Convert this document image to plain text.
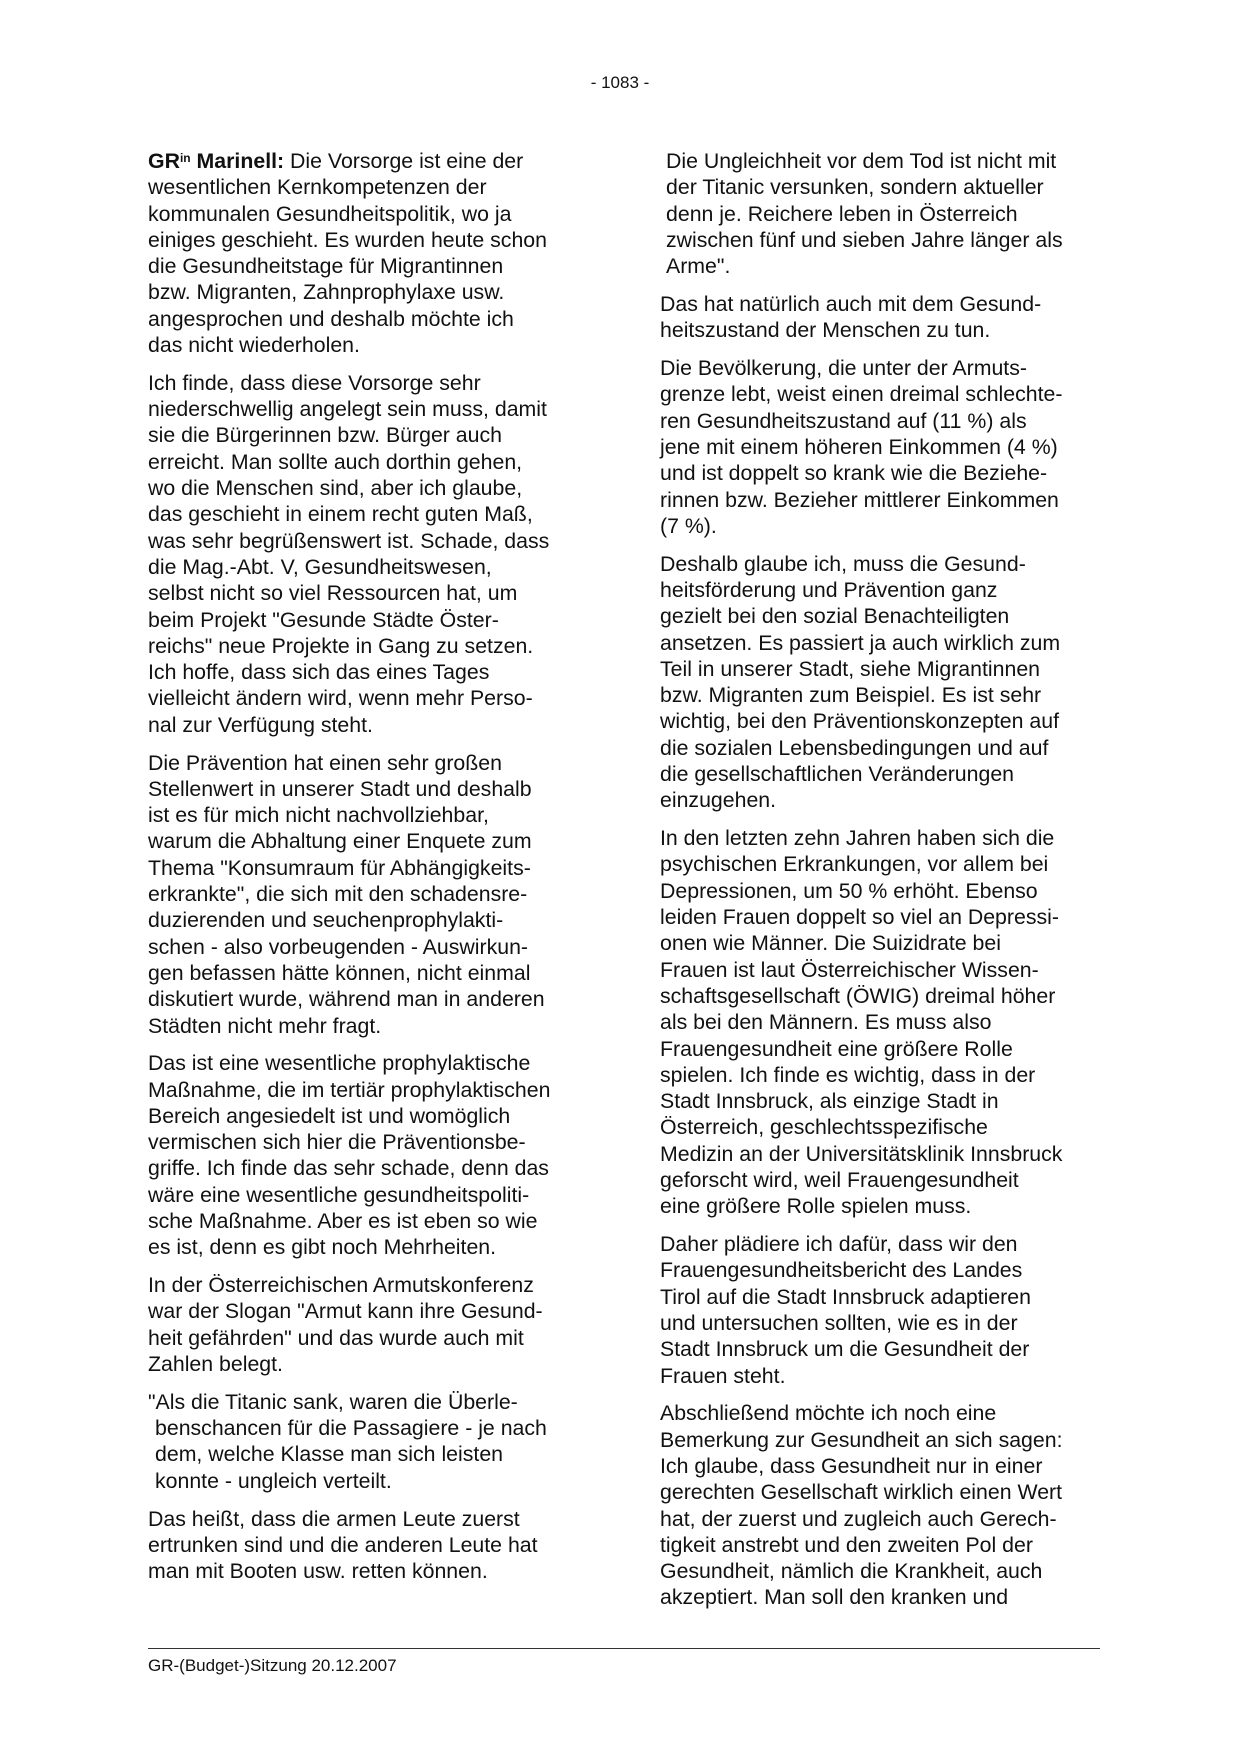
- 1083 -

$GR^{in}$ Marinell: Die Vorsorge ist eine der
wesentlichen Kernkompetenzen der
kommunalen Gesundheitspolitik, wo ja
einiges geschieht. Es wurden heute schon
die Gesundheitstage für Migrantinnen
bzw. Migranten, Zahnprophylaxe usw.
angesprochen und deshalb möchte ich
das nicht wiederholen.

Ich finde, dass diese Vorsorge sehr
niederschwellig angelegt sein muss, damit
sie die Bürgerinnen bzw. Bürger auch
erreicht. Man sollte auch dorthin gehen,
wo die Menschen sind, aber ich glaube,
das geschieht in einem recht guten Maß,
was sehr begrüßenswert ist. Schade, dass
die Mag.-Abt. V, Gesundheitswesen,
selbst nicht so viel Ressourcen hat, um
beim Projekt "Gesunde Städte Öster-
reichs" neue Projekte in Gang zu setzen.
Ich hoffe, dass sich das eines Tages
vielleicht ändern wird, wenn mehr Perso-
nal zur Verfügung steht.

Die Prävention hat einen sehr großen
Stellenwert in unserer Stadt und deshalb
ist es für mich nicht nachvollziehbar,
warum die Abhaltung einer Enquete zum
Thema "Konsumraum für Abhängigkeits-
erkrankte", die sich mit den schadensre-
duzierenden und seuchenprophylakti-
schen - also vorbeugenden - Auswirkun-
gen befassen hätte können, nicht einmal
diskutiert wurde, während man in anderen
Städten nicht mehr fragt.

Das ist eine wesentliche prophylaktische
Maßnahme, die im tertiär prophylaktischen
Bereich angesiedelt ist und womöglich
vermischen sich hier die Präventionsbe-
griffe. Ich finde das sehr schade, denn das
wäre eine wesentliche gesundheitspoliti-
sche Maßnahme. Aber es ist eben so wie
es ist, denn es gibt noch Mehrheiten.

In der Österreichischen Armutskonferenz
war der Slogan "Armut kann ihre Gesund-
heit gefährden" und das wurde auch mit
Zahlen belegt.

"Als die Titanic sank, waren die Überle-
benschancen für die Passagiere - je nach
dem, welche Klasse man sich leisten
konnte - ungleich verteilt.

Das heißt, dass die armen Leute zuerst
ertrunken sind und die anderen Leute hat
man mit Booten usw. retten können.

Die Ungleichheit vor dem Tod ist nicht mit
der Titanic versunken, sondern aktueller
denn je. Reichere leben in Österreich
zwischen fünf und sieben Jahre länger als
Arme".

Das hat natürlich auch mit dem Gesund-
heitszustand der Menschen zu tun.

Die Bevölkerung, die unter der Armuts-
grenze lebt, weist einen dreimal schlechte-
ren Gesundheitszustand auf (11 %) als
jene mit einem höheren Einkommen (4 %)
und ist doppelt so krank wie die Beziehe-
rinnen bzw. Bezieher mittlerer Einkommen
(7 %).

Deshalb glaube ich, muss die Gesund-
heitsförderung und Prävention ganz
gezielt bei den sozial Benachteiligten
ansetzen. Es passiert ja auch wirklich zum
Teil in unserer Stadt, siehe Migrantinnen
bzw. Migranten zum Beispiel. Es ist sehr
wichtig, bei den Präventionskonzepten auf
die sozialen Lebensbedingungen und auf
die gesellschaftlichen Veränderungen
einzugehen.

In den letzten zehn Jahren haben sich die
psychischen Erkrankungen, vor allem bei
Depressionen, um 50 % erhöht. Ebenso
leiden Frauen doppelt so viel an Depressi-
onen wie Männer. Die Suizidrate bei
Frauen ist laut Österreichischer Wissen-
schaftsgesellschaft (ÖWIG) dreimal höher
als bei den Männern. Es muss also
Frauengesundheit eine größere Rolle
spielen. Ich finde es wichtig, dass in der
Stadt Innsbruck, als einzige Stadt in
Österreich, geschlechtsspezifische
Medizin an der Universitätsklinik Innsbruck
geforscht wird, weil Frauengesundheit
eine größere Rolle spielen muss.

Daher plädiere ich dafür, dass wir den
Frauengesundheitsbericht des Landes
Tirol auf die Stadt Innsbruck adaptieren
und untersuchen sollten, wie es in der
Stadt Innsbruck um die Gesundheit der
Frauen steht.

Abschließend möchte ich noch eine
Bemerkung zur Gesundheit an sich sagen:
Ich glaube, dass Gesundheit nur in einer
gerechten Gesellschaft wirklich einen Wert
hat, der zuerst und zugleich auch Gerech-
tigkeit anstrebt und den zweiten Pol der
Gesundheit, nämlich die Krankheit, auch
akzeptiert. Man soll den kranken und

GR-(Budget-)Sitzung 20.12.2007
